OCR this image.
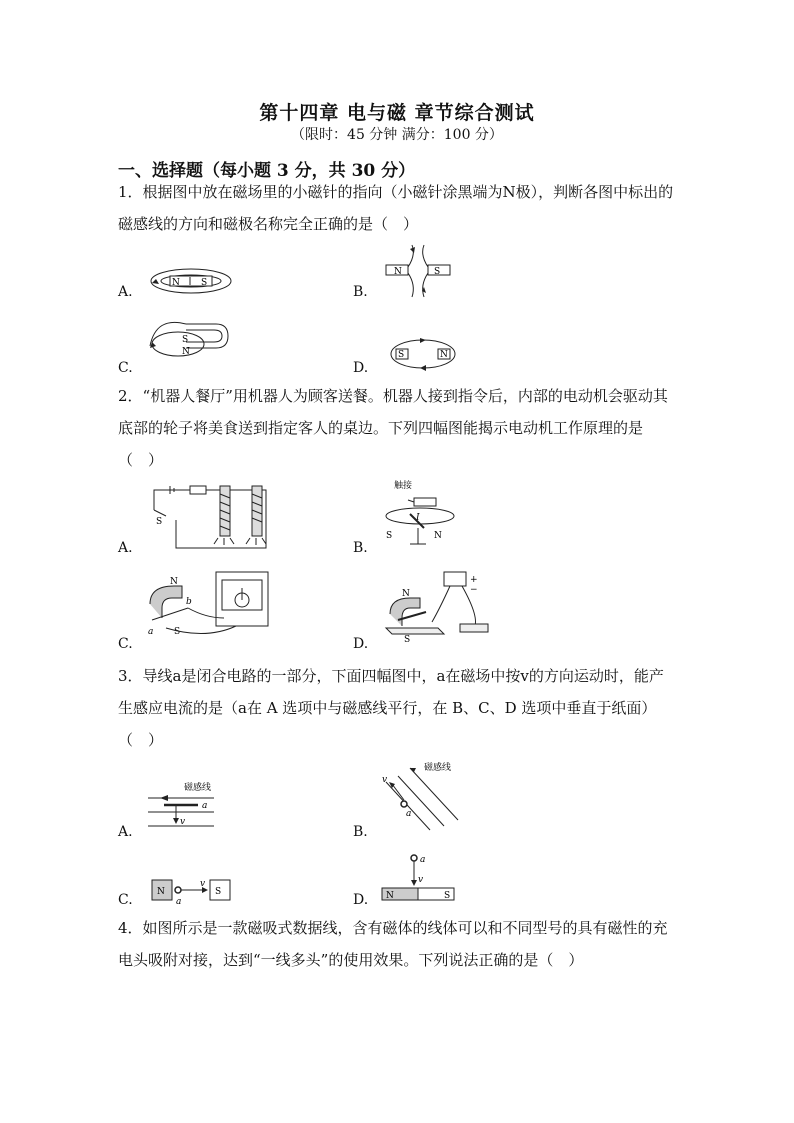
第十四章 电与磁 章节综合测试
（限时：45 分钟 满分：100 分）
一、选择题（每小题 3 分，共 30 分）
1．根据图中放在磁场里的小磁针的指向（小磁针涂黑端为N极），判断各图中标出的磁感线的方向和磁极名称完全正确的是（　）
A.	B.
C.	D.
N S
N	S
S
N	S	N
2．“机器人餐厅”用机器人为顾客送餐。机器人接到指令后，内部的电动机会驱动其底部的轮子将美食送到指定客人的桌边。下列四幅图能揭示电动机工作原理的是（　）
A.	B.
C.	D.
S
触接
I
S	N
N
S
b
a
+
−
N
S
3．导线a是闭合电路的一部分，下面四幅图中，a在磁场中按v的方向运动时，能产生感应电流的是（a在 A 选项中与磁感线平行，在 B、C、D 选项中垂直于纸面）（　）
A.	B.
C.	D.
磁感线
a
v
磁感线
a
v
N	S
a
v
a
v
N	S
4．如图所示是一款磁吸式数据线，含有磁体的线体可以和不同型号的具有磁性的充电头吸附对接，达到“一线多头”的使用效果。下列说法正确的是（　）
